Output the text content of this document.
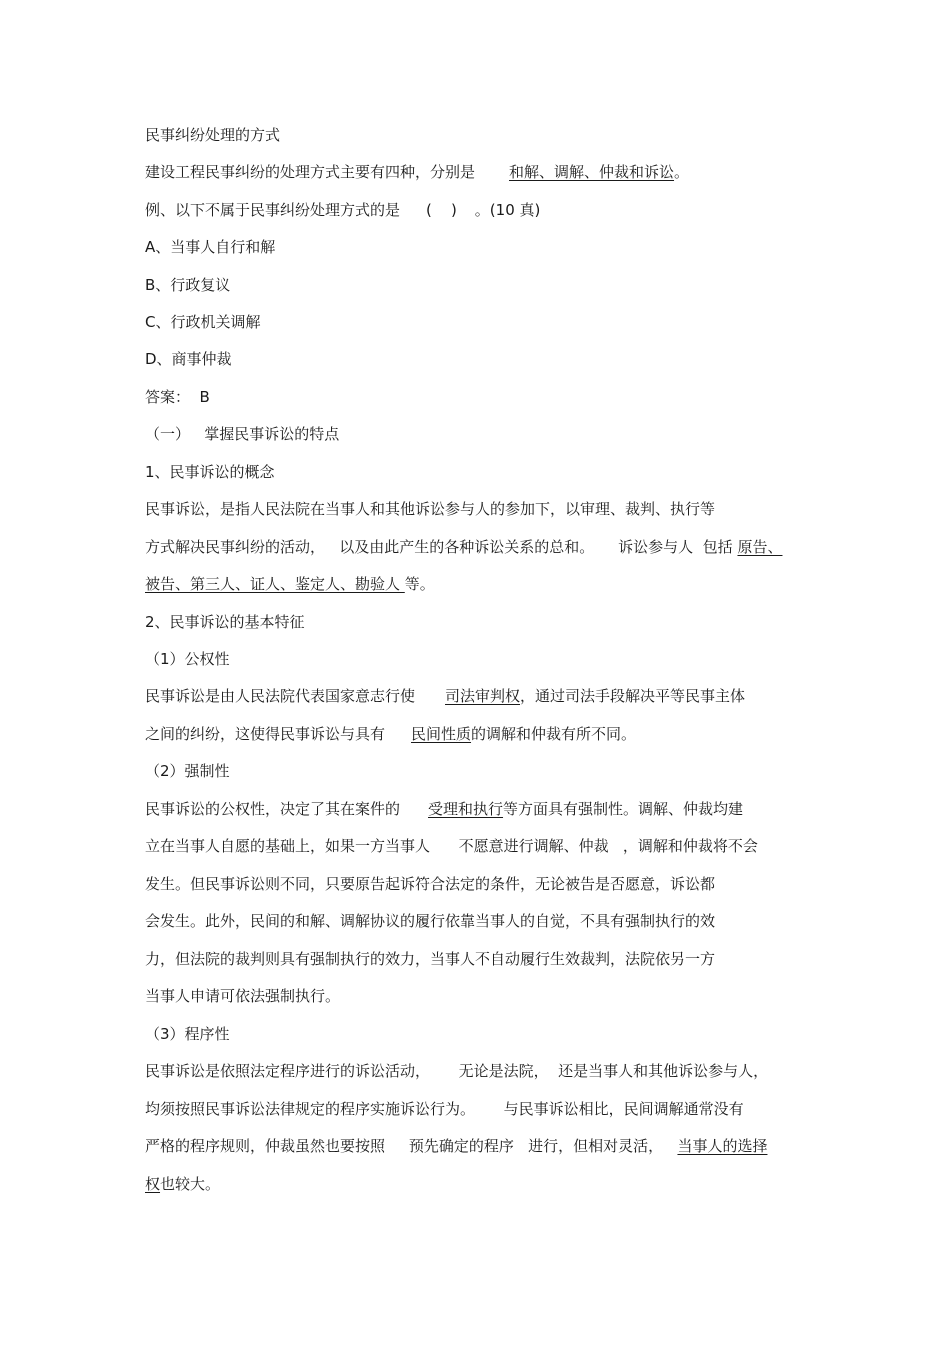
民事纠纷处理的方式
建设工程民事纠纷的处理方式主要有四种，分别是 和解、调解、仲裁和诉讼。
例、以下不属于民事纠纷处理方式的是 (    ) 。(10 真)
A、当事人自行和解
B、行政复议
C、行政机关调解
D、商事仲裁
答案：  B
（一）   掌握民事诉讼的特点
1、民事诉讼的概念
民事诉讼，是指人民法院在当事人和其他诉讼参与人的参加下，以审理、裁判、执行等
方式解决民事纠纷的活动，   以及由此产生的各种诉讼关系的总和。     诉讼参与人  包括 原告、
被告、第三人、证人、鉴定人、勘验人 等。
2、民事诉讼的基本特征
（1）公权性
民事诉讼是由人民法院代表国家意志行使 司法审判权，通过司法手段解决平等民事主体
之间的纠纷，这使得民事诉讼与具有 民间性质的调解和仲裁有所不同。
（2）强制性
民事诉讼的公权性，决定了其在案件的 受理和执行等方面具有强制性。调解、仲裁均建
立在当事人自愿的基础上，如果一方当事人      不愿意进行调解、仲裁   ，调解和仲裁将不会
发生。但民事诉讼则不同，只要原告起诉符合法定的条件，无论被告是否愿意，诉讼都
会发生。此外，民间的和解、调解协议的履行依靠当事人的自觉，不具有强制执行的效
力，但法院的裁判则具有强制执行的效力，当事人不自动履行生效裁判，法院依另一方
当事人申请可依法强制执行。
（3）程序性
民事诉讼是依照法定程序进行的诉讼活动，      无论是法院，  还是当事人和其他诉讼参与人，
均须按照民事诉讼法律规定的程序实施诉讼行为。      与民事诉讼相比，民间调解通常没有
严格的程序规则，仲裁虽然也要按照     预先确定的程序   进行，但相对灵活，   当事人的选择
权也较大。
